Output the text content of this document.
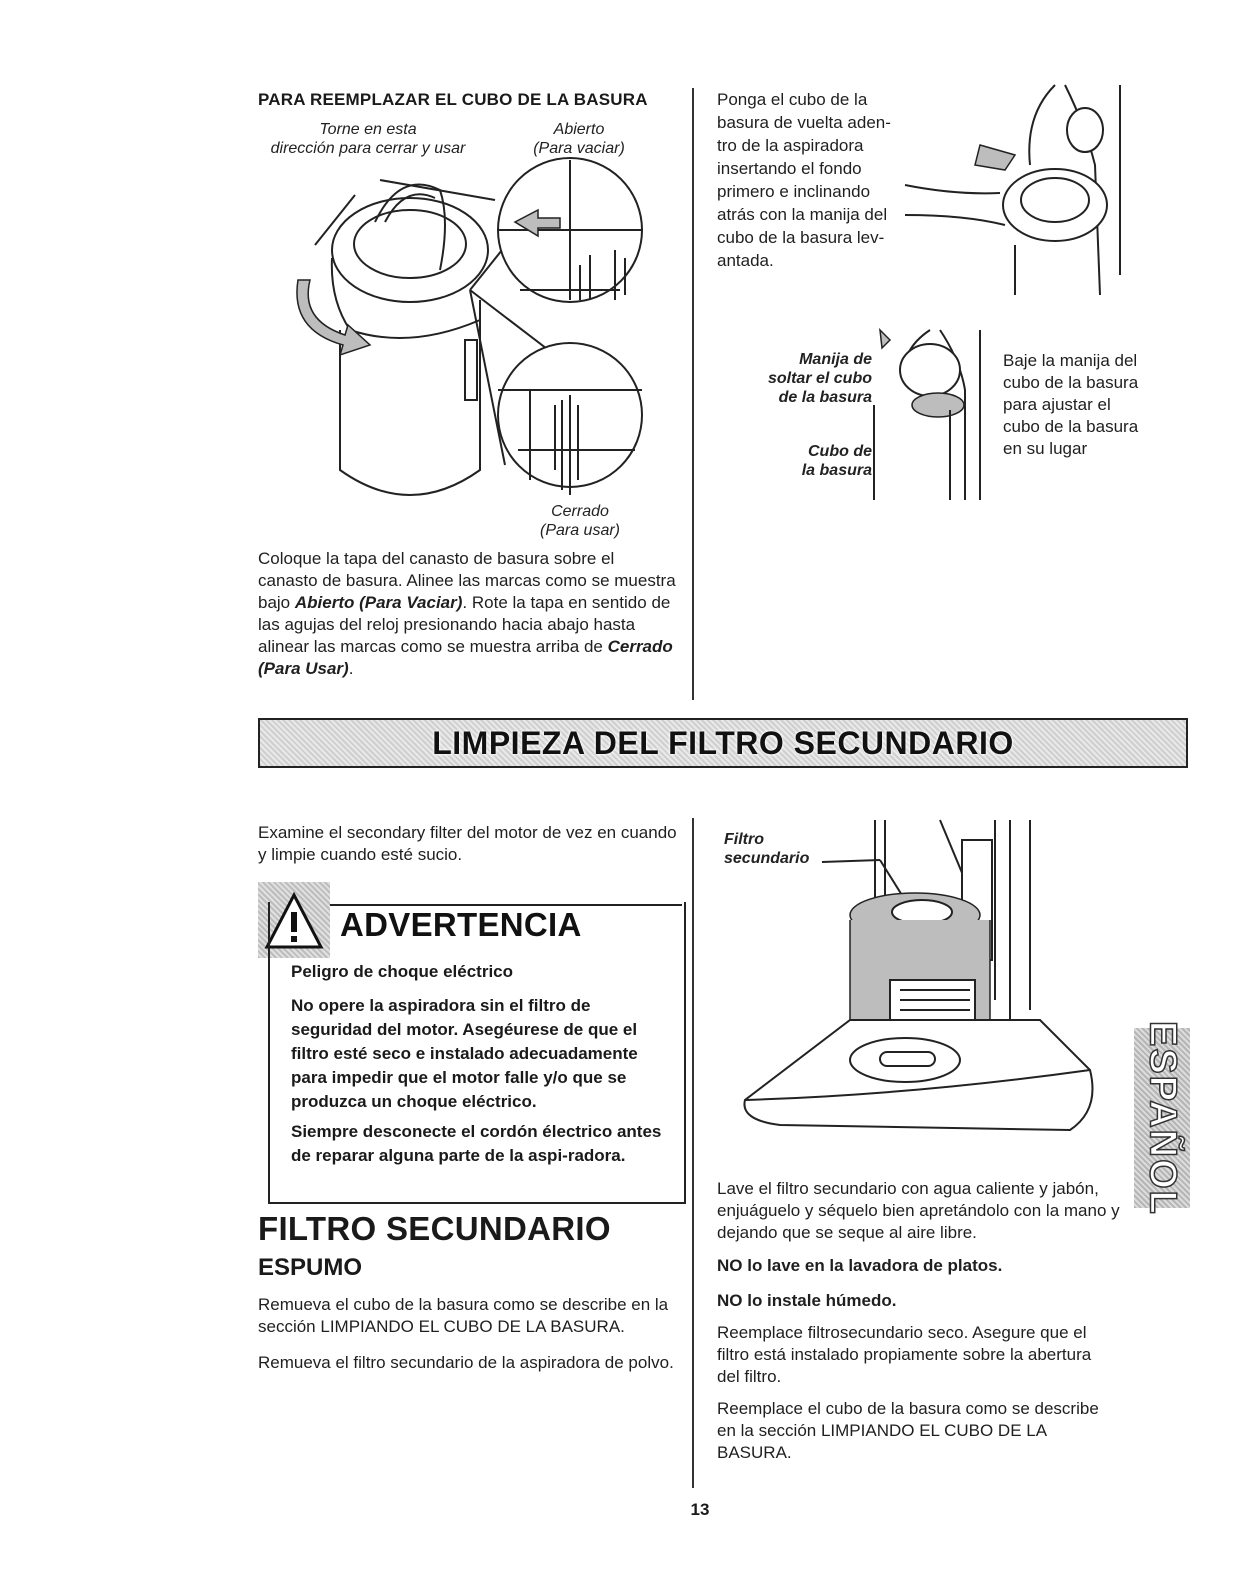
PARA REEMPLAZAR EL CUBO DE LA BASURA
Torne en esta
dirección para cerrar y usar
Abierto
(Para vaciar)
Cerrado
(Para usar)
Coloque la tapa del canasto de basura sobre el canasto de basura. Alinee las marcas como se muestra bajo Abierto (Para Vaciar). Rote la tapa en sentido de las agujas del reloj presionando hacia abajo hasta alinear las marcas como se muestra arriba de Cerrado (Para Usar).
Ponga el cubo de la basura de vuelta aden-tro de la aspiradora insertando el fondo primero e inclinando atrás con la manija del cubo de la basura lev-antada.
Manija de
soltar el cubo
de la basura
Cubo de
la basura
Baje la manija del cubo de la basura para ajustar el cubo de la basura en su lugar
LIMPIEZA DEL FILTRO SECUNDARIO
Examine el secondary filter del motor de vez en cuando y limpie cuando esté sucio.
ADVERTENCIA
Peligro de choque eléctrico
No opere la aspiradora sin el filtro de seguridad del motor. Asegéurese de que el filtro esté seco e instalado adecuadamente para impedir que el motor falle y/o que se produzca un choque eléctrico.
Siempre desconecte el cordón électrico antes de reparar alguna parte de la aspi-radora.
FILTRO SECUNDARIO
ESPUMO
Remueva el cubo de la basura como se describe en la sección LIMPIANDO EL CUBO DE LA BASURA.
Remueva el filtro secundario de la aspiradora de polvo.
Filtro
secundario
Lave el filtro secundario con agua caliente y jabón, enjuáguelo y séquelo bien apretándolo con la mano y dejando que se seque al aire libre.
NO lo lave en la lavadora de platos.
NO lo instale húmedo.
Reemplace filtrosecundario seco. Asegure que el filtro está instalado propiamente sobre la abertura del filtro.
Reemplace el cubo de la basura como se describe en la sección LIMPIANDO EL CUBO DE LA BASURA.
ESPAÑOL
13
